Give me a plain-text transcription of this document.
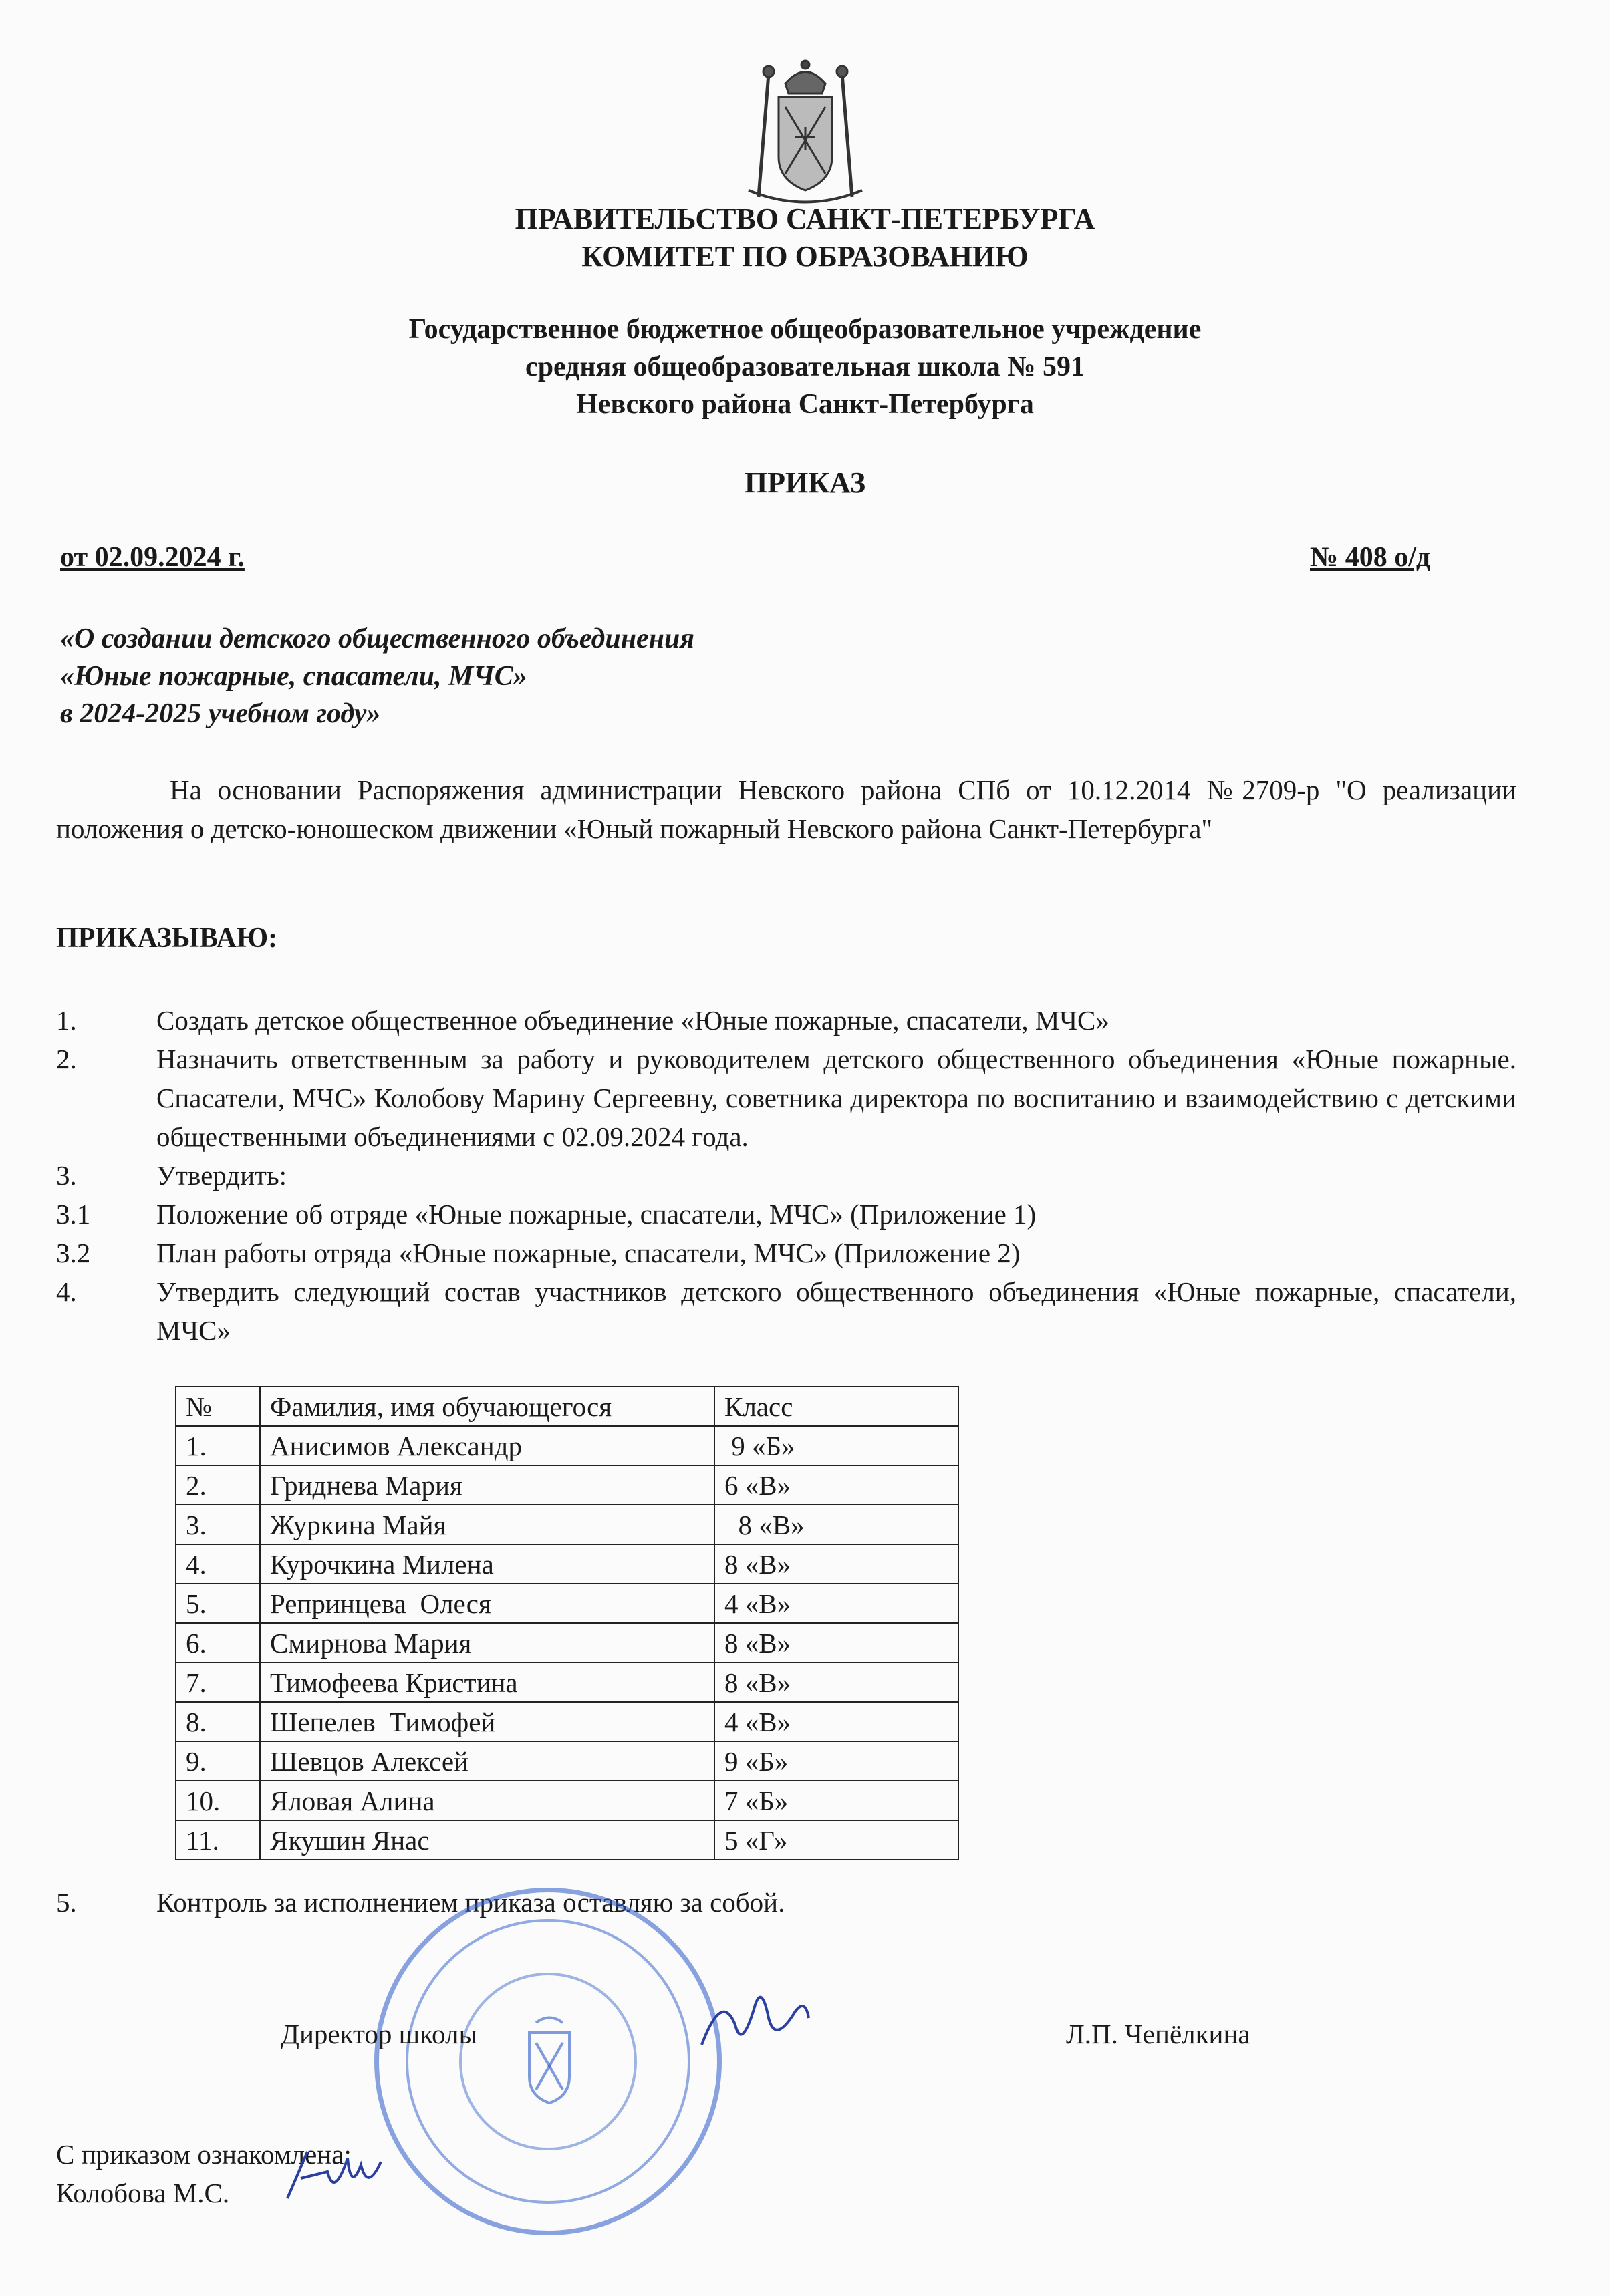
ПРАВИТЕЛЬСТВО САНКТ-ПЕТЕРБУРГА
КОМИТЕТ ПО ОБРАЗОВАНИЮ
Государственное бюджетное общеобразовательное учреждение
средняя общеобразовательная школа № 591
Невского района Санкт-Петербурга
ПРИКАЗ
от 02.09.2024 г.	№ 408 о/д
«О создании детского общественного объединения
«Юные пожарные, спасатели, МЧС»
в 2024-2025 учебном году»
На основании Распоряжения администрации Невского района СПб от 10.12.2014 №2709-р "О реализации положения о детско-юношеском движении «Юный пожарный Невского района Санкт-Петербурга"
ПРИКАЗЫВАЮ:
1.	Создать детское общественное объединение «Юные пожарные, спасатели, МЧС»
2.	Назначить ответственным за работу и руководителем детского общественного объединения «Юные пожарные. Спасатели, МЧС» Колобову Марину Сергеевну, советника директора по воспитанию и взаимодействию с детскими общественными объединениями с 02.09.2024 года.
3.	Утвердить:
3.1 Положение об отряде «Юные пожарные, спасатели, МЧС» (Приложение 1)
3.2 План работы отряда «Юные пожарные, спасатели, МЧС» (Приложение 2)
4.	Утвердить следующий состав участников детского общественного объединения «Юные пожарные, спасатели, МЧС»
№	Фамилия, имя обучающегося	Класс
1.	Анисимов Александр	9 «Б»
2.	Гриднева Мария	6 «В»
3.	Журкина Майя	8 «В»
4.	Курочкина Милена	8 «В»
5.	Репринцева  Олеся	4 «В»
6.	Смирнова Мария	8 «В»
7.	Тимофеева Кристина	8 «В»
8.	Шепелев  Тимофей	4 «В»
9.	Шевцов Алексей	9 «Б»
10.	Яловая Алина	7 «Б»
11.	Якушин Янас	5 «Г»
5.	Контроль за исполнением приказа оставляю за собой.
Директор школы	Л.П. Чепёлкина
С приказом ознакомлена:
Колобова М.С.
